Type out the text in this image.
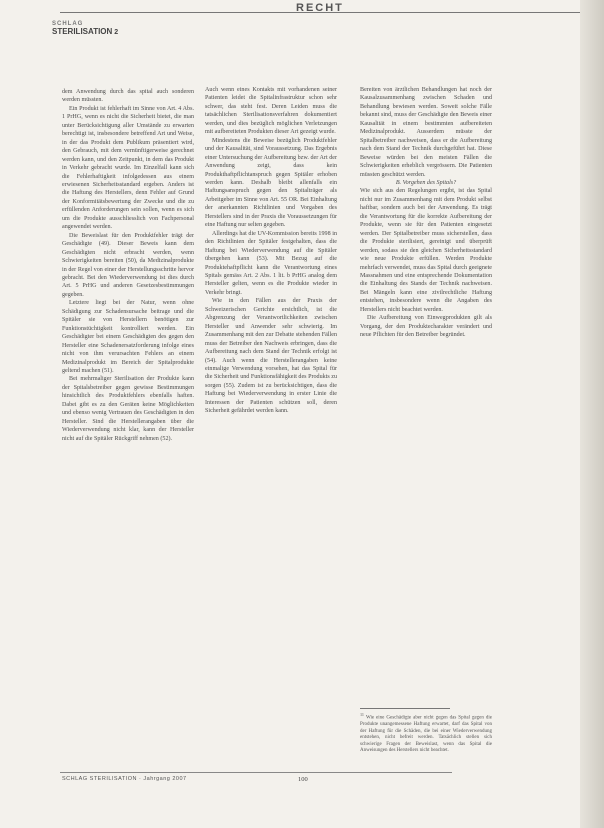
RECHT
SCHLAG
STERILISATION 2

dem Anwendung durch das spital auch sonderen werden müssten.

Ein Produkt ist fehlerhaft im Sinne von Art. 4 Abs. 1 PrHG, wenn es nicht die Sicherheit bietet, die man unter Berücksichtigung aller Umstände zu erwarten berechtigt ist, insbesondere betreffend Art und Weise, in der das Produkt dem Publikum präsentiert wird, den Gebrauch, mit dem vernünftigerweise gerechnet werden kann, und den Zeitpunkt, in dem das Produkt in Verkehr gebracht wurde. Im Einzelfall kann sich die Fehlerhaftigkeit infolgedessen aus einem erwiesenen Sicherheitsstandard ergeben. Anders ist die Haftung des Herstellers, denn Fehler auf Grund der Konformitätsbewertung der Zwecke und die zu erfüllenden Anforderungen sein sollen, wenn es sich um die Produkte ausschliesslich von Fachpersonal angewendet werden.

Die Beweislast für den Produktfehler trägt der Geschädigte (49). Dieser Beweis kann dem Geschädigten nicht erbracht werden, wenn Schwierigkeiten bereiten (50), da Medizinalprodukte in der Regel von einer der Herstellungsschritte hervor gebracht. Bei den Wiederverwendung ist dies durch Art. 5 PrHG und anderen Gesetzesbestimmungen gegeben.

Letztere liegt bei der Natur, wenn ohne Schädigung zur Schadensursache beitrage und die Spitäler sie von Herstellern benötigen zur Funktionstüchtigkeit kontrolliert werden. Ein Geschädigter bei einem Geschädigten des gegen den Hersteller eine Schadenersatzforderung infolge eines nicht von ihm verursachten Fehlers an einem Medizinalprodukt im Bereich der Spitalprodukte geltend machen (51).

Bei mehrmaliger Sterilisation der Produkte kann der Spitalsbetreiber gegen gewisse Bestimmungen hinsichtlich des Produktfehlers ebenfalls haften. Dabei gibt es zu den Geräten keine Möglichkeiten und ebenso wenig Vertrauen des Geschädigten in den Hersteller. Sind die Herstellerangaben über die Wiederverwendung nicht klar, kann der Hersteller nicht auf die Spitäler Rückgriff nehmen (52).

Auch wenn eines Kontakts mit vorhandenen seiner Patienten leidet die Spitalinfrastruktur schon sehr schwer, das steht fest. Deren Leiden muss die tatsächlichen Sterilisationsverfahren dokumentiert werden, und dies bezüglich möglichen Verletzungen mit aufbereiteten Produkten dieser Art gezeigt wurde.

Mindestens die Beweise bezüglich Produktfehler und der Kausalität, sind Voraussetzung. Das Ergebnis einer Untersuchung der Aufbereitung bzw. der Art der Anwendung zeigt, dass kein Produkthaftpflichtanspruch gegen Spitäler erhoben werden kann. Deshalb bleibt allenfalls ein Haftungsanspruch gegen den Spitalträger als Arbeitgeber im Sinne von Art. 55 OR. Bei Einhaltung der anerkannten Richtlinien und Vorgaben des Herstellers sind in der Praxis die Voraussetzungen für eine Haftung nur selten gegeben.

Allerdings hat die UV-Kommission bereits 1998 in den Richtlinien der Spitäler festgehalten, dass die Haftung bei Wiederverwendung auf die Spitäler übergehen kann (53). Mit Bezug auf die Produktehaftpflicht kann die Verantwortung eines Spitals gemäss Art. 2 Abs. 1 lit. b PrHG analog dem Hersteller gelten, wenn es die Produkte wieder in Verkehr bringt.

Wie in den Fällen aus der Praxis der Schweizerischen Gerichte ersichtlich, ist die Abgrenzung der Verantwortlichkeiten zwischen Hersteller und Anwender sehr schwierig. Im Zusammenhang mit den zur Debatte stehenden Fällen muss der Betreiber den Nachweis erbringen, dass die Aufbereitung nach dem Stand der Technik erfolgt ist (54). Auch wenn die Herstellerangaben keine einmalige Verwendung vorsehen, hat das Spital für die Sicherheit und Funktionsfähigkeit des Produkts zu sorgen (55). Zudem ist zu berücksichtigen, dass die Haftung bei Wiederverwendung in erster Linie die Interessen der Patienten schützen soll, deren Sicherheit gefährdet werden kann.

Bereiten von ärztlichen Behandlungen hat noch der Kausalzusammenhang zwischen Schaden und Behandlung bewiesen werden. Soweit solche Fälle bekannt sind, muss der Geschädigte den Beweis einer Kausalität in einem bestimmten aufbereiteten Medizinalprodukt. Ausserdem müsste der Spitalbetreiber nachweisen, dass er die Aufbereitung nach dem Stand der Technik durchgeführt hat. Diese Beweise würden bei den meisten Fällen die Schwierigkeiten erheblich vergrössern. Die Patienten müssten geschützt werden.

B. Vorgehen des Spitals?

Wie sich aus den Regelungen ergibt, ist das Spital nicht nur im Zusammenhang mit dem Produkt selbst haftbar, sondern auch bei der Anwendung. Es trägt die Verantwortung für die korrekte Aufbereitung der Produkte, wenn sie für den Patienten eingesetzt werden. Der Spitalbetreiber muss sicherstellen, dass die Produkte sterilisiert, gereinigt und überprüft werden, sodass sie den gleichen Sicherheitsstandard wie neue Produkte erfüllen. Werden Produkte mehrfach verwendet, muss das Spital durch geeignete Massnahmen und eine entsprechende Dokumentation die Einhaltung des Stands der Technik nachweisen. Bei Mängeln kann eine zivilrechtliche Haftung entstehen, insbesondere wenn die Angaben des Herstellers nicht beachtet werden.

Die Aufbereitung von Einwegprodukten gilt als Vorgang, der den Produktecharakter verändert und neue Pflichten für den Betreiber begründet.

$^{11}$ Wie eine Geschädigte aber nicht gegen das Spital gegen die Produkte unangemessene Haftung erwartet, darf das Spital von der Haftung für die Schäden, die bei einer Wiederverwendung entstehen, nicht befreit werden. Tatsächlich stellen sich schwierige Fragen der Beweislast, wenn das Spital die Anweisungen des Herstellers nicht beachtet.
SCHLAG STERILISATION · Jahrgang 2007	100
